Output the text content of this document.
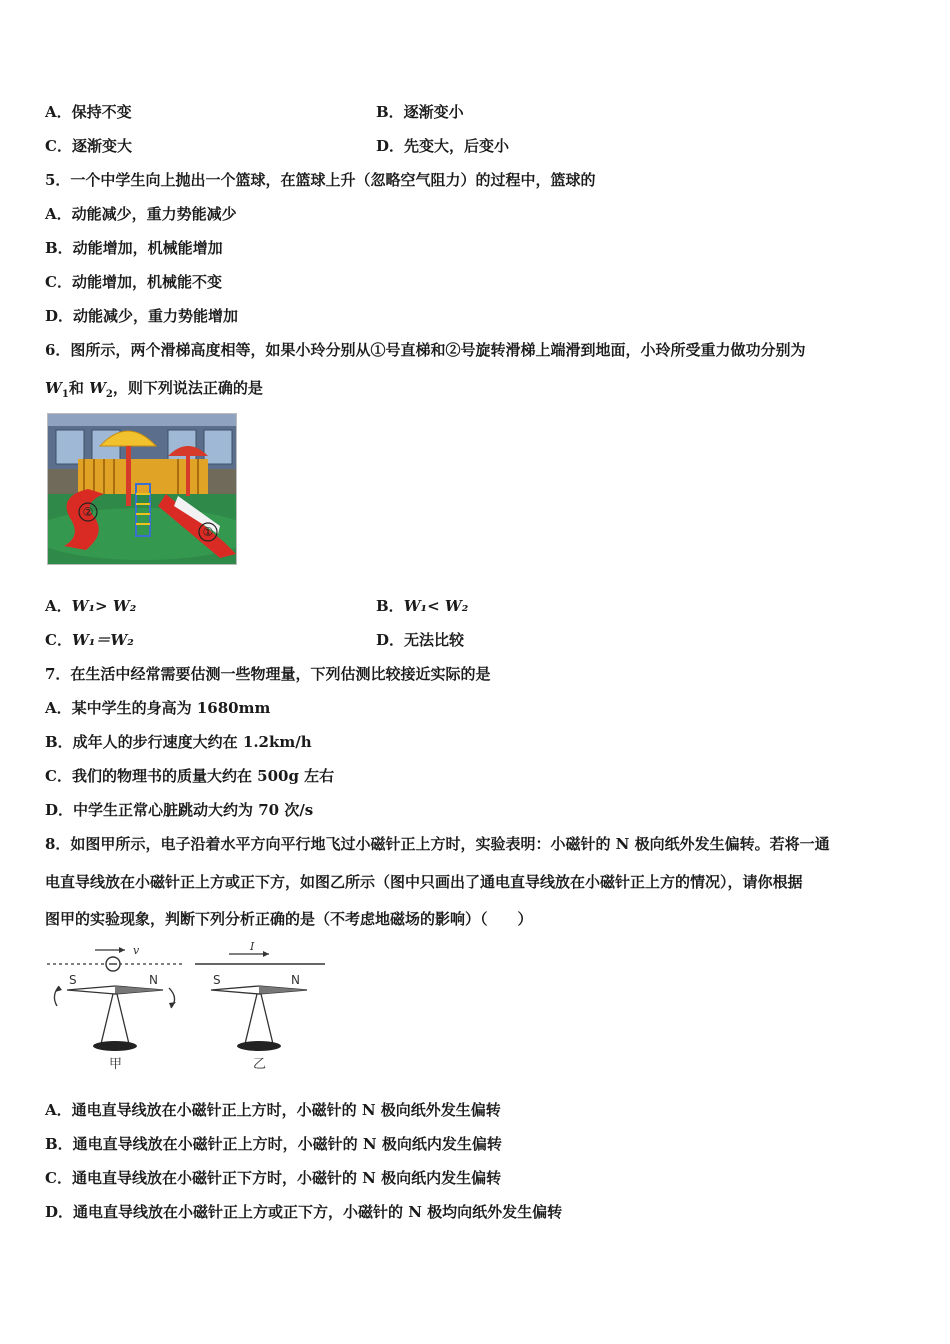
A．保持不变	B．逐渐变小
C．逐渐变大	D．先变大，后变小
5．一个中学生向上抛出一个篮球，在篮球上升（忽略空气阻力）的过程中，篮球的
A．动能减少，重力势能减少
B．动能增加，机械能增加
C．动能增加，机械能不变
D．动能减少，重力势能增加
6．图所示，两个滑梯高度相等，如果小玲分别从①号直梯和②号旋转滑梯上端滑到地面，小玲所受重力做功分别为
$W_1$和 $W_2$，则下列说法正确的是
②
①
A．W₁> W₂	B．W₁< W₂
C．W₁＝W₂	D．无法比较
7．在生活中经常需要估测一些物理量，下列估测比较接近实际的是
A．某中学生的身高为 1680mm
B．成年人的步行速度大约在 1.2km/h
C．我们的物理书的质量大约在 500g 左右
D．中学生正常心脏跳动大约为 70 次/s
8．如图甲所示，电子沿着水平方向平行地飞过小磁针正上方时，实验表明：小磁针的 N 极向纸外发生偏转。若将一通
电直导线放在小磁针正上方或正下方，如图乙所示（图中只画出了通电直导线放在小磁针正上方的情况），请你根据
图甲的实验现象，判断下列分析正确的是（不考虑地磁场的影响）（　　）
v
S	N
甲
I
S	N
乙
A．通电直导线放在小磁针正上方时，小磁针的 N 极向纸外发生偏转
B．通电直导线放在小磁针正上方时，小磁针的 N 极向纸内发生偏转
C．通电直导线放在小磁针正下方时，小磁针的 N 极向纸内发生偏转
D．通电直导线放在小磁针正上方或正下方，小磁针的 N 极均向纸外发生偏转
